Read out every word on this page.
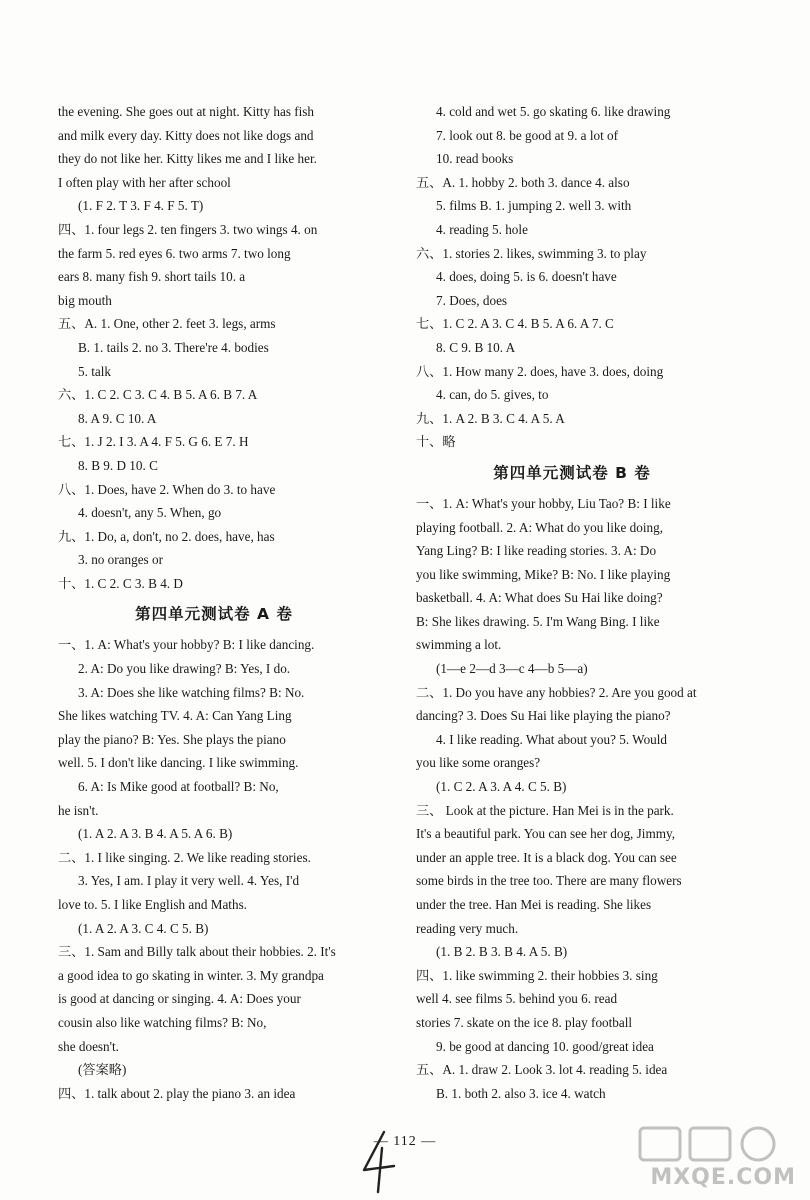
the evening. She goes out at night. Kitty has fish
and milk every day. Kitty does not like dogs and
they do not like her. Kitty likes me and I like her.
I often play with her after school
(1. F 2. T 3. F 4. F 5. T)
四、1. four legs 2. ten fingers 3. two wings 4. on
the farm 5. red eyes 6. two arms 7. two long
ears 8. many fish 9. short tails 10. a
big mouth
五、A. 1. One, other 2. feet 3. legs, arms
B. 1. tails 2. no 3. There're 4. bodies
5. talk
六、1. C 2. C 3. C 4. B 5. A 6. B 7. A
8. A 9. C 10. A
七、1. J 2. I 3. A 4. F 5. G 6. E 7. H
8. B 9. D 10. C
八、1. Does, have 2. When do 3. to have
4. doesn't, any 5. When, go
九、1. Do, a, don't, no 2. does, have, has
3. no oranges or
十、1. C 2. C 3. B 4. D
第四单元测试卷 A 卷
一、1. A: What's your hobby? B: I like dancing.
2. A: Do you like drawing? B: Yes, I do.
3. A: Does she like watching films? B: No.
She likes watching TV. 4. A: Can Yang Ling
play the piano? B: Yes. She plays the piano
well. 5. I don't like dancing. I like swimming.
6. A: Is Mike good at football? B: No,
he isn't.
(1. A 2. A 3. B 4. A 5. A 6. B)
二、1. I like singing. 2. We like reading stories.
3. Yes, I am. I play it very well. 4. Yes, I'd
love to. 5. I like English and Maths.
(1. A 2. A 3. C 4. C 5. B)
三、1. Sam and Billy talk about their hobbies. 2. It's
a good idea to go skating in winter. 3. My grandpa
is good at dancing or singing. 4. A: Does your
cousin also like watching films? B: No,
she doesn't.
(答案略)
四、1. talk about 2. play the piano 3. an idea
4. cold and wet 5. go skating 6. like drawing
7. look out 8. be good at 9. a lot of
10. read books
五、A. 1. hobby 2. both 3. dance 4. also
5. films B. 1. jumping 2. well 3. with
4. reading 5. hole
六、1. stories 2. likes, swimming 3. to play
4. does, doing 5. is 6. doesn't have
7. Does, does
七、1. C 2. A 3. C 4. B 5. A 6. A 7. C
8. C 9. B 10. A
八、1. How many 2. does, have 3. does, doing
4. can, do 5. gives, to
九、1. A 2. B 3. C 4. A 5. A
十、略
第四单元测试卷 B 卷
一、1. A: What's your hobby, Liu Tao? B: I like
playing football. 2. A: What do you like doing,
Yang Ling? B: I like reading stories. 3. A: Do
you like swimming, Mike? B: No. I like playing
basketball. 4. A: What does Su Hai like doing?
B: She likes drawing. 5. I'm Wang Bing. I like
swimming a lot.
(1—e 2—d 3—c 4—b 5—a)
二、1. Do you have any hobbies? 2. Are you good at
dancing? 3. Does Su Hai like playing the piano?
4. I like reading. What about you? 5. Would
you like some oranges?
(1. C 2. A 3. A 4. C 5. B)
三、 Look at the picture. Han Mei is in the park.
It's a beautiful park. You can see her dog, Jimmy,
under an apple tree. It is a black dog. You can see
some birds in the tree too. There are many flowers
under the tree. Han Mei is reading. She likes
reading very much.
(1. B 2. B 3. B 4. A 5. B)
四、1. like swimming 2. their hobbies 3. sing
well 4. see films 5. behind you 6. read
stories 7. skate on the ice 8. play football
9. be good at dancing 10. good/great idea
五、A. 1. draw 2. Look 3. lot 4. reading 5. idea
B. 1. both 2. also 3. ice 4. watch
— 112 —
MXQE.COM
